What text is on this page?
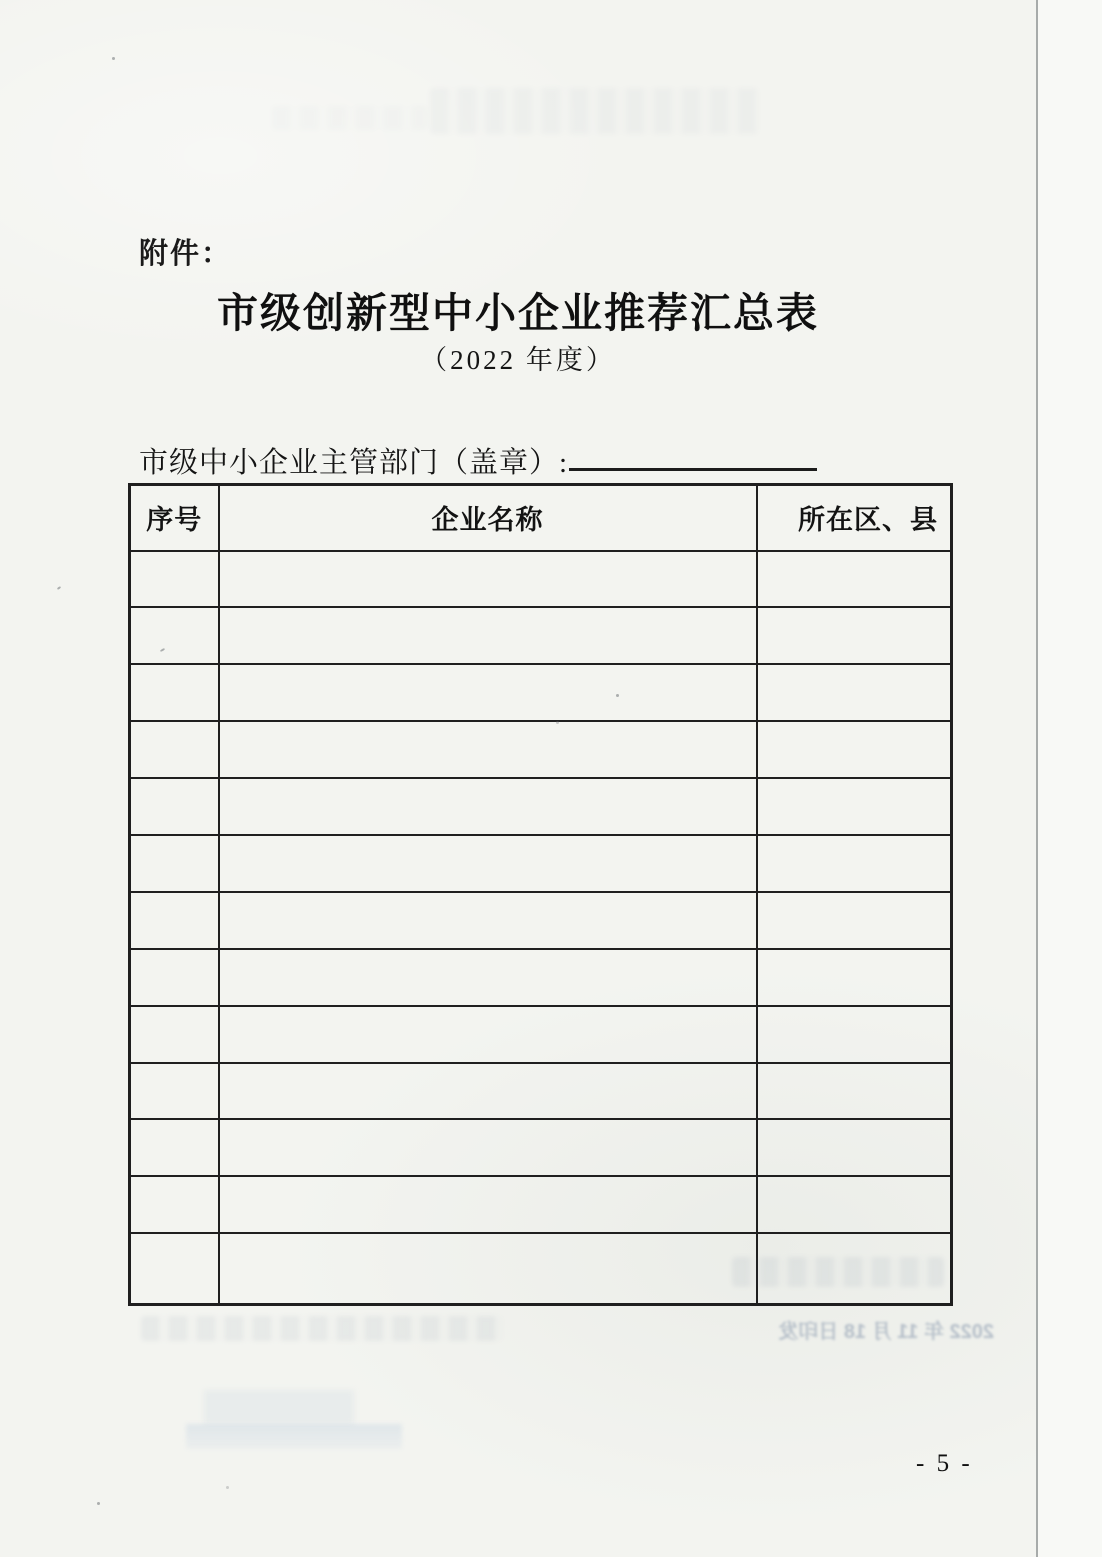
附件：
市级创新型中小企业推荐汇总表
（2022 年度）
市级中小企业主管部门（盖章）:
序号	企业名称	所在区、县

2022 年 11 月 18 日印发
- 5 -
